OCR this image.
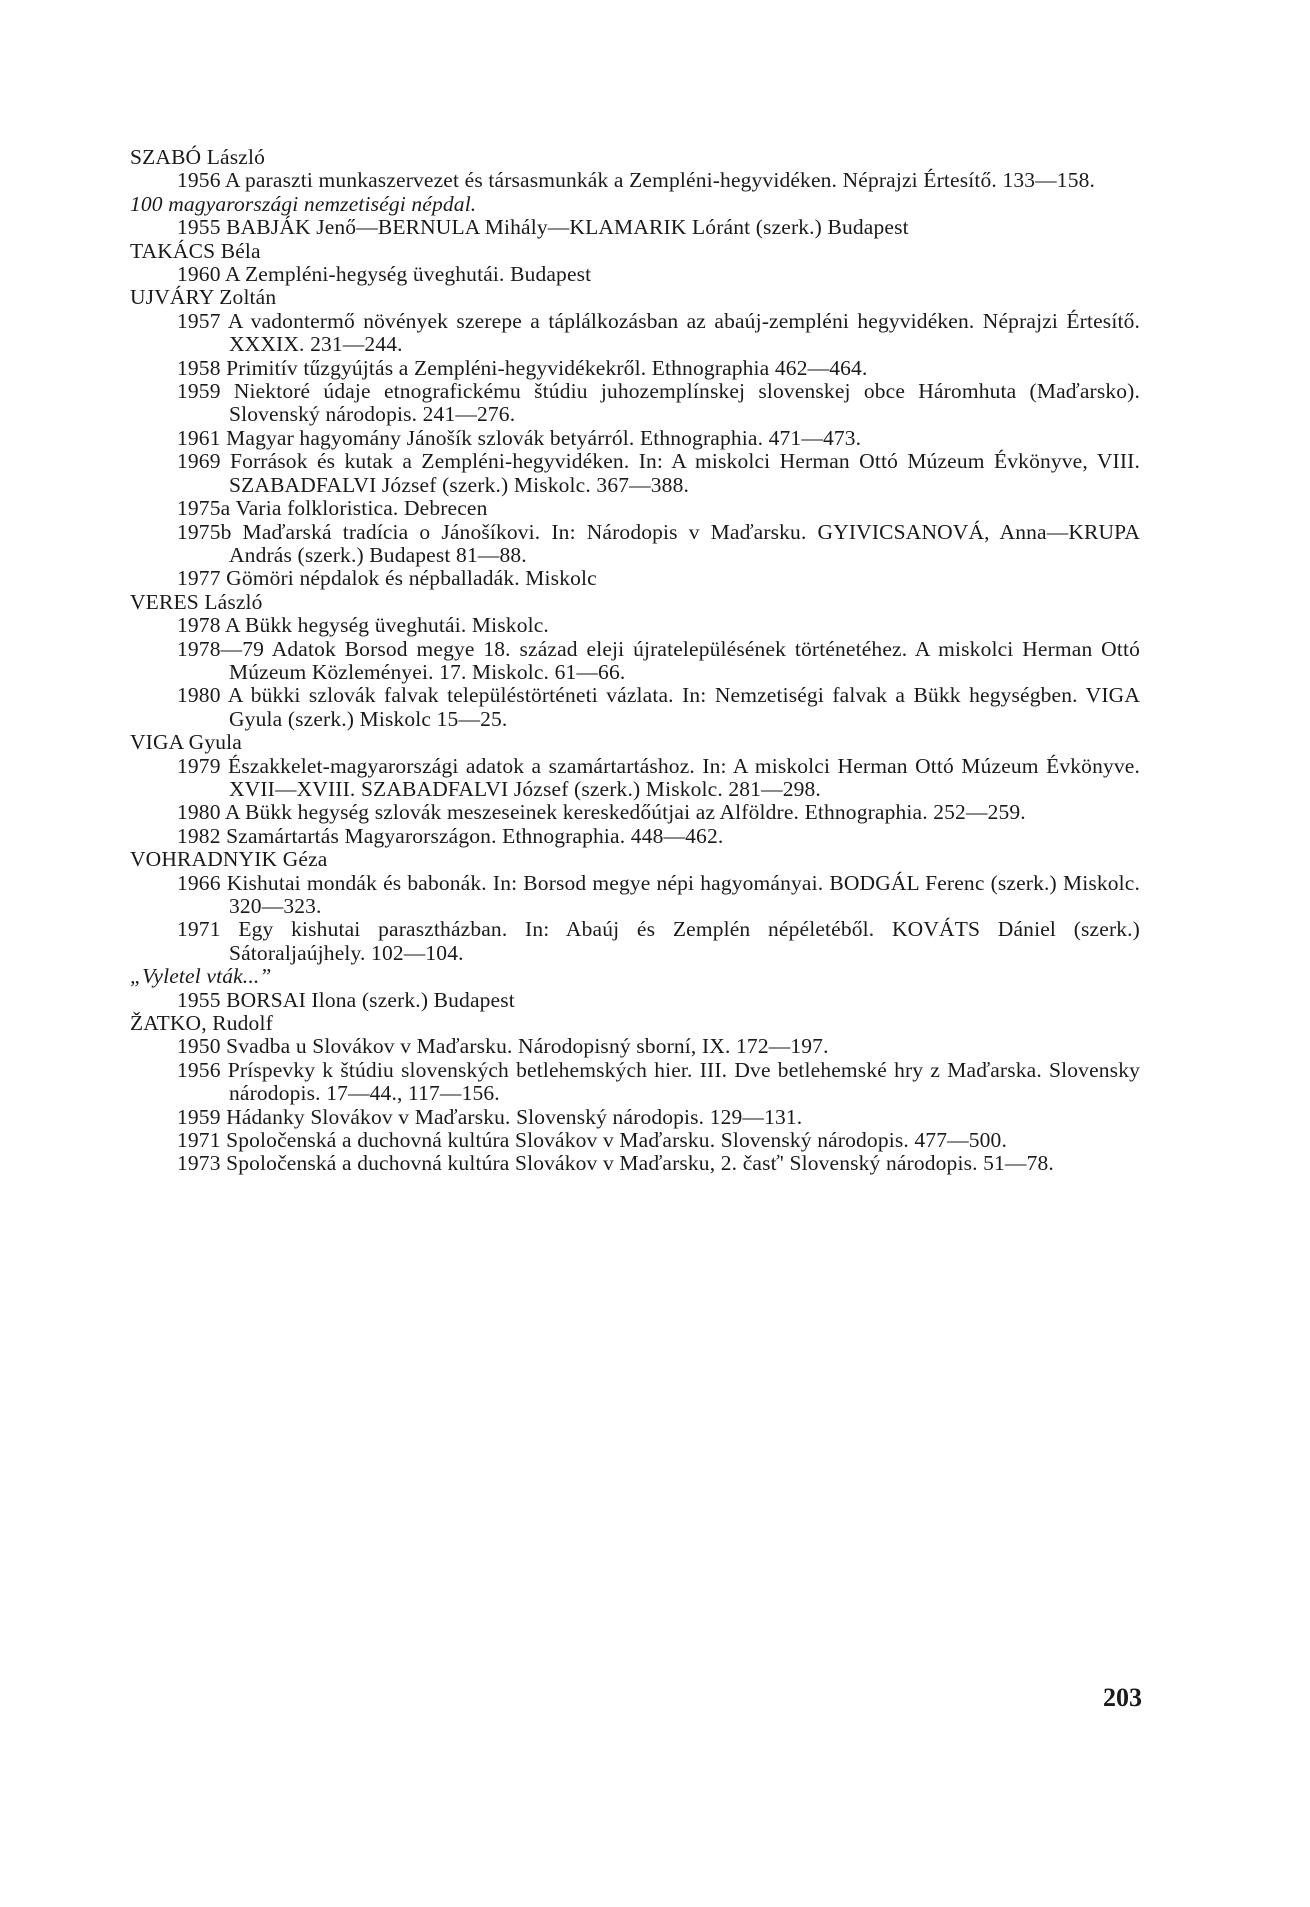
SZABÓ László
1956 A paraszti munkaszervezet és társasmunkák a Zempléni-hegyvidéken. Néprajzi Értesítő. 133—158.
100 magyarországi nemzetiségi népdal.
1955 BABJÁK Jenő—BERNULA Mihály—KLAMARIK Lóránt (szerk.) Budapest
TAKÁCS Béla
1960 A Zempléni-hegység üveghutái. Budapest
UJVÁRY Zoltán
1957 A vadontermő növények szerepe a táplálkozásban az abaúj-zempléni hegyvidéken. Néprajzi Értesítő. XXXIX. 231—244.
1958 Primitív tűzgyújtás a Zempléni-hegyvidékekről. Ethnographia 462—464.
1959 Niektoré údaje etnografickému štúdiu juhozemplínskej slovenskej obce Háromhuta (Maďarsko). Slovenský národopis. 241—276.
1961 Magyar hagyomány Jánošík szlovák betyárról. Ethnographia. 471—473.
1969 Források és kutak a Zempléni-hegyvidéken. In: A miskolci Herman Ottó Múzeum Évkönyve, VIII. SZABADFALVI József (szerk.) Miskolc. 367—388.
1975a Varia folkloristica. Debrecen
1975b Maďarská tradícia o Jánošíkovi. In: Národopis v Maďarsku. GYIVICSANOVÁ, Anna—KRUPA András (szerk.) Budapest 81—88.
1977 Gömöri népdalok és népballadák. Miskolc
VERES László
1978 A Bükk hegység üveghutái. Miskolc.
1978—79 Adatok Borsod megye 18. század eleji újratelepülésének történetéhez. A miskolci Herman Ottó Múzeum Közleményei. 17. Miskolc. 61—66.
1980 A bükki szlovák falvak településtörténeti vázlata. In: Nemzetiségi falvak a Bükk hegységben. VIGA Gyula (szerk.) Miskolc 15—25.
VIGA Gyula
1979 Északkelet-magyarországi adatok a szamártartáshoz. In: A miskolci Herman Ottó Múzeum Évkönyve. XVII—XVIII. SZABADFALVI József (szerk.) Miskolc. 281—298.
1980 A Bükk hegység szlovák meszeseinek kereskedőútjai az Alföldre. Ethnographia. 252—259.
1982 Szamártartás Magyarországon. Ethnographia. 448—462.
VOHRADNYIK Géza
1966 Kishutai mondák és babonák. In: Borsod megye népi hagyományai. BODGÁL Ferenc (szerk.) Miskolc. 320—323.
1971 Egy kishutai parasztházban. In: Abaúj és Zemplén népéletéből. KOVÁTS Dániel (szerk.) Sátoraljaújhely. 102—104.
„Vyletel vták...”
1955 BORSAI Ilona (szerk.) Budapest
ŽATKO, Rudolf
1950 Svadba u Slovákov v Maďarsku. Národopisný sborní, IX. 172—197.
1956 Príspevky k štúdiu slovenských betlehemských hier. III. Dve betlehemské hry z Maďarska. Slovensky národopis. 17—44., 117—156.
1959 Hádanky Slovákov v Maďarsku. Slovenský národopis. 129—131.
1971 Spoločenská a duchovná kultúra Slovákov v Maďarsku. Slovenský národopis. 477—500.
1973 Spoločenská a duchovná kultúra Slovákov v Maďarsku, 2. časť' Slovenský národopis. 51—78.
203
